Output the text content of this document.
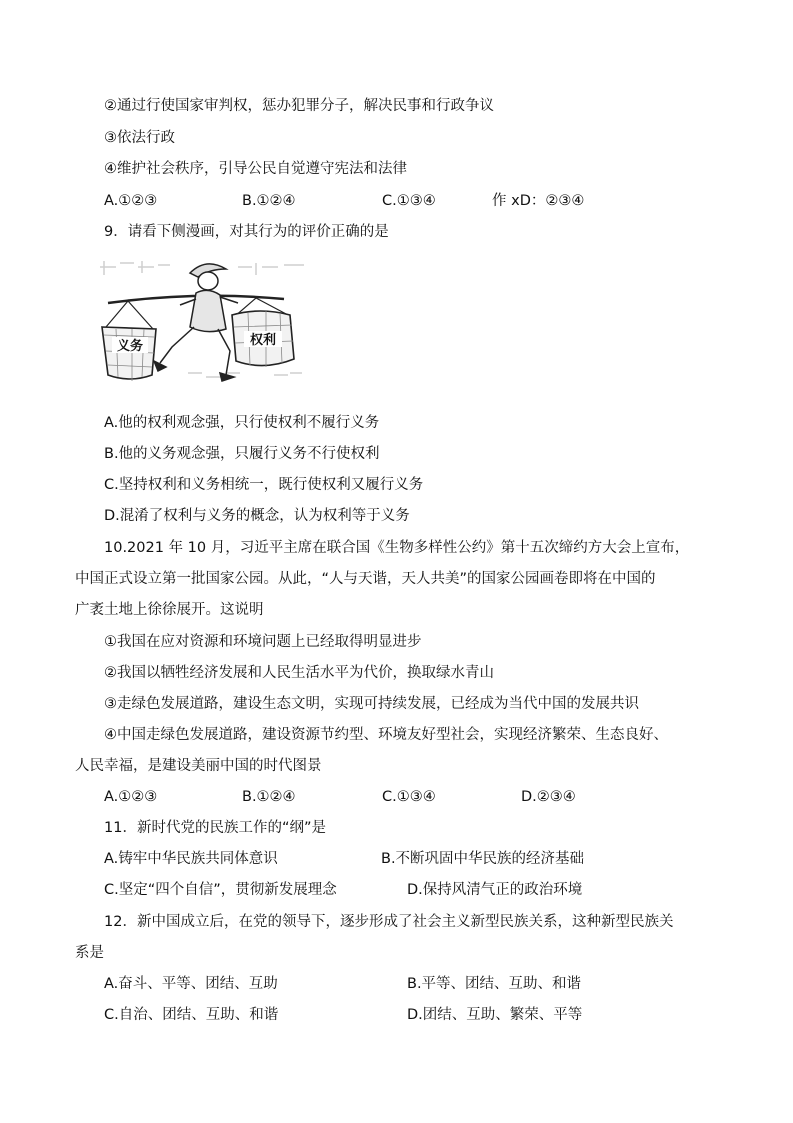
②通过行使国家审判权，惩办犯罪分子，解决民事和行政争议
③依法行政
④维护社会秩序，引导公民自觉遵守宪法和法律
A.①②③	B.①②④	C.①③④	作 xD：②③④
9．请看下侧漫画，对其行为的评价正确的是
义务	权利
A.他的权利观念强，只行使权利不履行义务
B.他的义务观念强，只履行义务不行使权利
C.坚持权利和义务相统一，既行使权利又履行义务
D.混淆了权利与义务的概念，认为权利等于义务
10.2021 年 10 月，习近平主席在联合国《生物多样性公约》第十五次缔约方大会上宣布，
中国正式设立第一批国家公园。从此，“人与天谐，天人共美”的国家公园画卷即将在中国的
广袤土地上徐徐展开。这说明
①我国在应对资源和环境问题上已经取得明显进步
②我国以牺牲经济发展和人民生活水平为代价，换取绿水青山
③走绿色发展道路，建设生态文明，实现可持续发展，已经成为当代中国的发展共识
④中国走绿色发展道路，建设资源节约型、环境友好型社会，实现经济繁荣、生态良好、
人民幸福，是建设美丽中国的时代图景
A.①②③	B.①②④	C.①③④	D.②③④
11．新时代党的民族工作的“纲”是
A.铸牢中华民族共同体意识	B.不断巩固中华民族的经济基础
C.坚定“四个自信”，贯彻新发展理念	D.保持风清气正的政治环境
12．新中国成立后，在党的领导下，逐步形成了社会主义新型民族关系，这种新型民族关
系是
A.奋斗、平等、团结、互助	B.平等、团结、互助、和谐
C.自治、团结、互助、和谐	D.团结、互助、繁荣、平等
